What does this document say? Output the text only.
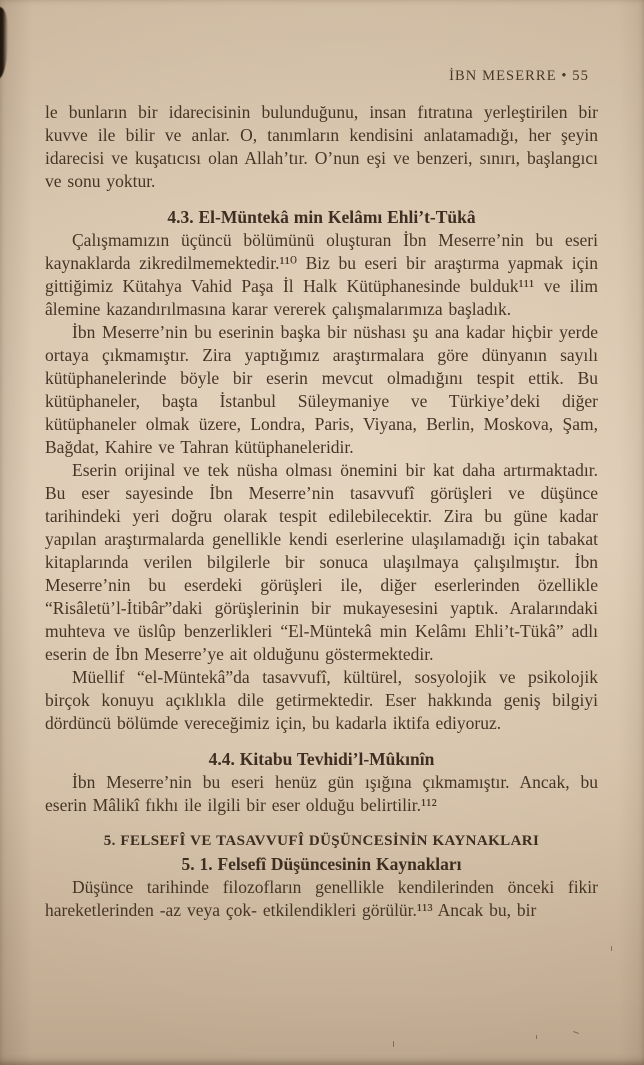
İBN MESERRE • 55

le bunların bir idarecisinin bulunduğunu, insan fıtratına yerleştirilen bir kuvve ile bilir ve anlar. O, tanımların kendisini anlatamadığı, her şeyin idarecisi ve kuşatıcısı olan Allah’tır. O’nun eşi ve benzeri, sınırı, başlangıcı ve sonu yoktur.

4.3. El-Müntekâ min Kelâmı Ehli’t-Tükâ

Çalışmamızın üçüncü bölümünü oluşturan İbn Meserre’nin bu eseri kaynaklarda zikredilmemektedir.¹¹⁰ Biz bu eseri bir araştırma yapmak için gittiğimiz Kütahya Vahid Paşa İl Halk Kütüphanesinde bulduk¹¹¹ ve ilim âlemine kazandırılmasına karar vererek çalışmalarımıza başladık.

İbn Meserre’nin bu eserinin başka bir nüshası şu ana kadar hiçbir yerde ortaya çıkmamıştır. Zira yaptığımız araştırmalara göre dünyanın sayılı kütüphanelerinde böyle bir eserin mevcut olmadığını tespit ettik. Bu kütüphaneler, başta İstanbul Süleymaniye ve Türkiye’deki diğer kütüphaneler olmak üzere, Londra, Paris, Viyana, Berlin, Moskova, Şam, Bağdat, Kahire ve Tahran kütüphaneleridir.

Eserin orijinal ve tek nüsha olması önemini bir kat daha artırmaktadır. Bu eser sayesinde İbn Meserre’nin tasavvufî görüşleri ve düşünce tarihindeki yeri doğru olarak tespit edilebilecektir. Zira bu güne kadar yapılan araştırmalarda genellikle kendi eserlerine ulaşılamadığı için tabakat kitaplarında verilen bilgilerle bir sonuca ulaşılmaya çalışılmıştır. İbn Meserre’nin bu eserdeki görüşleri ile, diğer eserlerinden özellikle “Risâletü’l-İtibâr”daki görüşlerinin bir mukayesesini yaptık. Aralarındaki muhteva ve üslûp benzerlikleri “El-Müntekâ min Kelâmı Ehli’t-Tükâ” adlı eserin de İbn Meserre’ye ait olduğunu göstermektedir.

Müellif “el-Müntekâ”da tasavvufî, kültürel, sosyolojik ve psikolojik birçok konuyu açıklıkla dile getirmektedir. Eser hakkında geniş bilgiyi dördüncü bölümde vereceğimiz için, bu kadarla iktifa ediyoruz.

4.4. Kitabu Tevhidi’l-Mûkınîn

İbn Meserre’nin bu eseri henüz gün ışığına çıkmamıştır. Ancak, bu eserin Mâlikî fıkhı ile ilgili bir eser olduğu belirtilir.¹¹²

5. FELSEFÎ VE TASAVVUFÎ DÜŞÜNCESİNİN KAYNAKLARI

5. 1. Felsefî Düşüncesinin Kaynakları

Düşünce tarihinde filozofların genellikle kendilerinden önceki fikir hareketlerinden -az veya çok- etkilendikleri görülür.¹¹³ Ancak bu, bir
